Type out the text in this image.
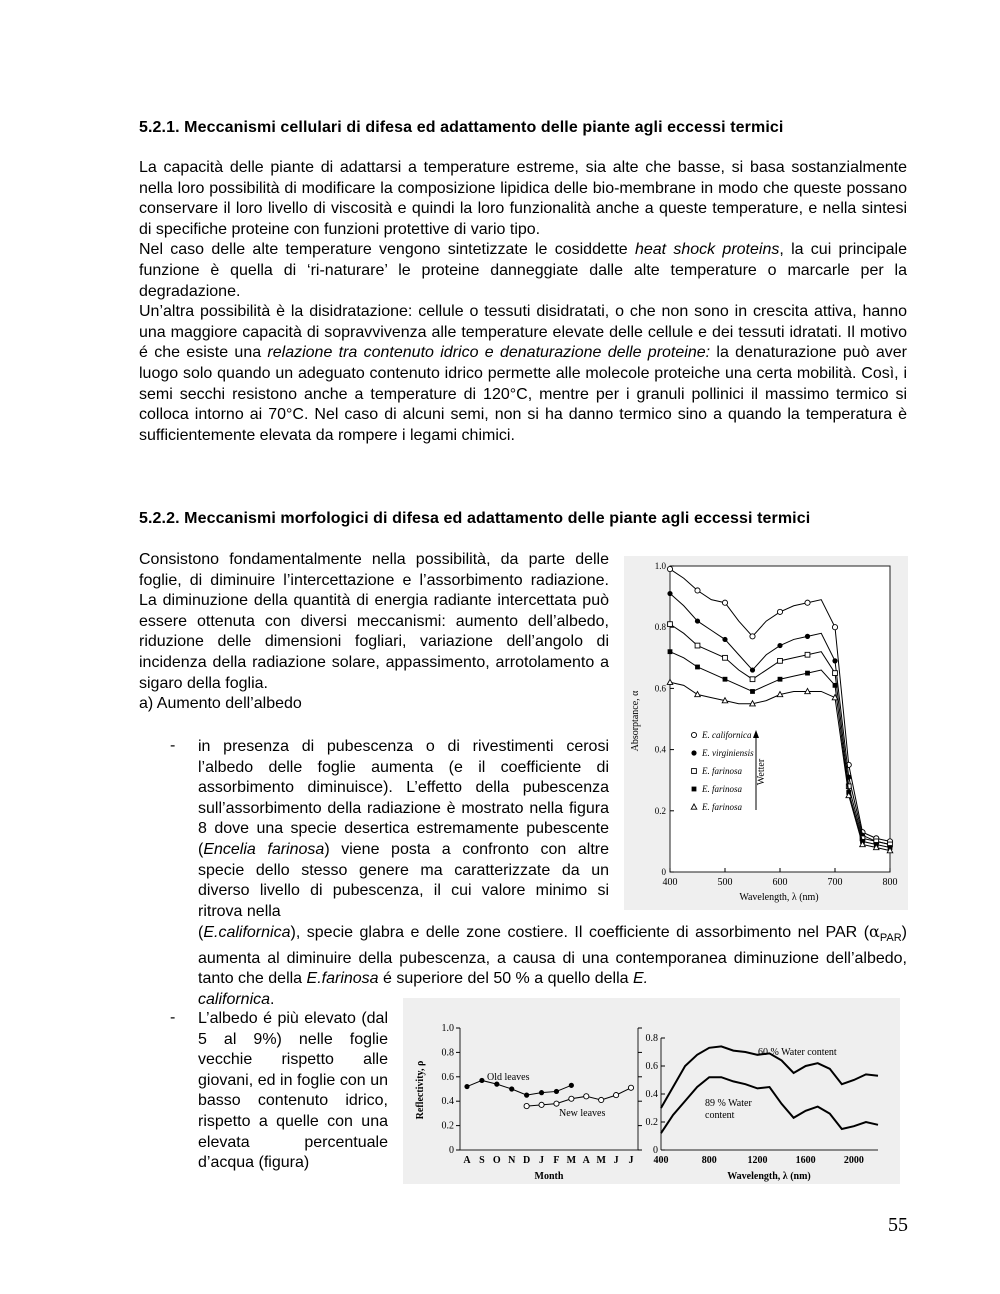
5.2.1. Meccanismi cellulari di difesa ed adattamento delle piante agli eccessi termici

La capacità delle piante di adattarsi a temperature estreme, sia alte che basse, si basa sostanzialmente nella loro possibilità di modificare la composizione lipidica delle bio-membrane in modo che queste possano conservare il loro livello di viscosità e quindi la loro funzionalità anche a queste temperature, e nella sintesi di specifiche proteine con funzioni protettive di vario tipo.

Nel caso delle alte temperature vengono sintetizzate le cosiddette heat shock proteins, la cui principale funzione è quella di ‘ri-naturare’ le proteine danneggiate dalle alte temperature o marcarle per la degradazione.

Un’altra possibilità è la disidratazione: cellule o tessuti disidratati, o che non sono in crescita attiva, hanno una maggiore capacità di sopravvivenza alle temperature elevate delle cellule e dei tessuti idratati. Il motivo é che esiste una relazione tra contenuto idrico e denaturazione delle proteine: la denaturazione può aver luogo solo quando un adeguato contenuto idrico permette alle molecole proteiche una certa mobilità. Così, i semi secchi resistono anche a temperature di 120°C, mentre per i granuli pollinici il massimo termico si colloca intorno ai 70°C. Nel caso di alcuni semi, non si ha danno termico sino a quando la temperatura è sufficientemente elevata da rompere i legami chimici.

5.2.2. Meccanismi morfologici di difesa ed adattamento delle piante agli eccessi termici

Consistono fondamentalmente nella possibilità, da parte delle foglie, di diminuire l’intercettazione e l’assorbimento radiazione. La diminuzione della quantità di energia radiante intercettata può essere ottenuta con diversi meccanismi: aumento dell’albedo, riduzione delle dimensioni fogliari, variazione dell’angolo di incidenza della radiazione solare, appassimento, arrotolamento a sigaro della foglia.

a) Aumento dell’albedo

- in presenza di pubescenza o di rivestimenti cerosi l’albedo delle foglie aumenta (e il coefficiente di assorbimento diminuisce). L’effetto della pubescenza sull’assorbimento della radiazione è mostrato nella figura 8 dove una specie desertica estremamente pubescente (Encelia farinosa) viene posta a confronto con altre specie dello stesso genere ma caratterizzate da un diverso livello di pubescenza, il cui valore minimo si ritrova nella
(E.californica), specie glabra e delle zone costiere. Il coefficiente di assorbimento nel PAR $(\alpha_{PAR})$ aumenta al diminuire della pubescenza, a causa di una contemporanea diminuzione dell’albedo, tanto che della E.farinosa é superiore del 50 % a quello della E.
californica.
- L’albedo é più elevato (dal 5 al 9%) nelle foglie vecchie rispetto alle giovani, ed in foglie con un basso contenuto idrico, rispetto a quelle con una elevata percentuale d’acqua (figura)
0
0.2
0.4
0.6
0.8
1.0
400	500	600	700	800
Wavelength, λ (nm)
Absorptance, α	E. californica
E. virginiensis
E. farinosa
E. farinosa
E. farinosa
Wetter
0
0.2
0.4
0.6
0.8
1.0
A S O N D J F M A M J J
0
0.2
0.4
0.6
0.8
400	800	1200	1600	2000
Old leaves
New leaves
Month
Reflectivity, ρ
60 % Water content
89 % Water
content
Wavelength, λ (nm)
55
